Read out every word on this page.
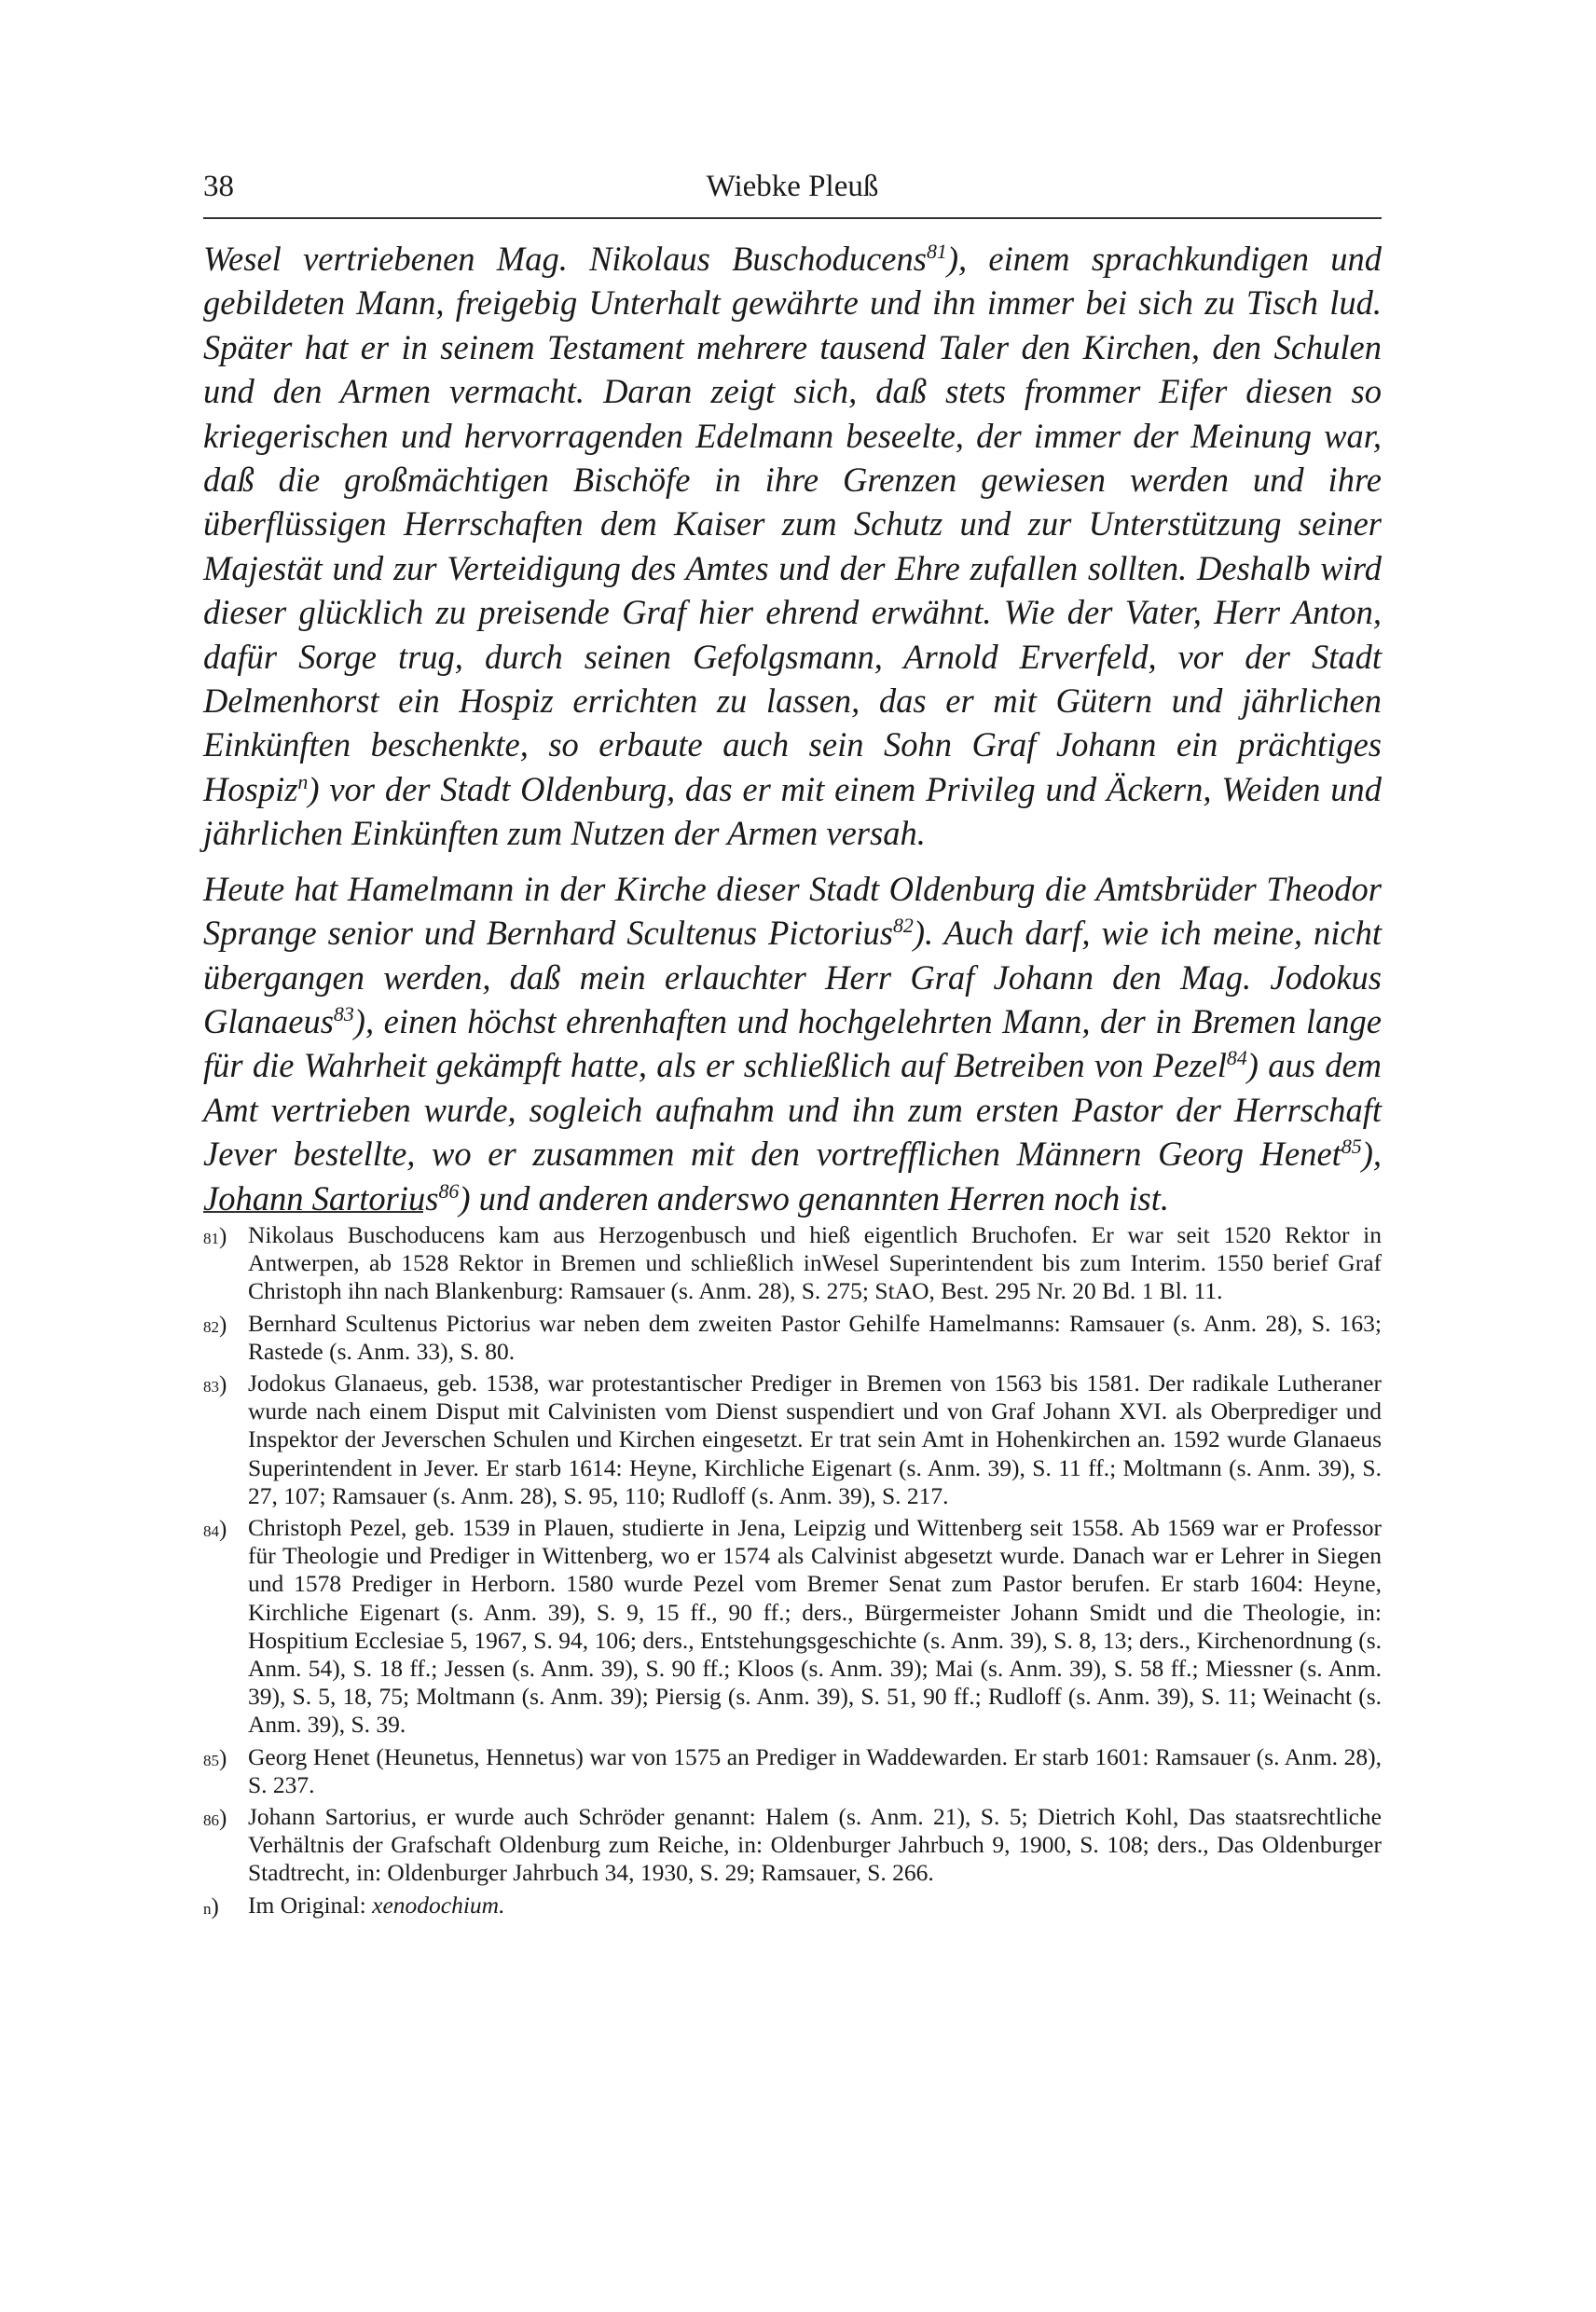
38	Wiebke Pleuß

Wesel vertriebenen Mag. Nikolaus Buschoducens$^{81}$), einem sprachkundigen und gebildeten Mann, freigebig Unterhalt gewährte und ihn immer bei sich zu Tisch lud. Später hat er in seinem Testament mehrere tausend Taler den Kirchen, den Schulen und den Armen vermacht. Daran zeigt sich, daß stets frommer Eifer diesen so kriegerischen und hervorragenden Edelmann beseelte, der immer der Meinung war, daß die großmächtigen Bischöfe in ihre Grenzen gewiesen werden und ihre überflüssigen Herrschaften dem Kaiser zum Schutz und zur Unterstützung seiner Majestät und zur Verteidigung des Amtes und der Ehre zufallen sollten. Deshalb wird dieser glücklich zu preisende Graf hier ehrend erwähnt. Wie der Vater, Herr Anton, dafür Sorge trug, durch seinen Gefolgsmann, Arnold Erverfeld, vor der Stadt Delmenhorst ein Hospiz errichten zu lassen, das er mit Gütern und jährlichen Einkünften beschenkte, so erbaute auch sein Sohn Graf Johann ein prächtiges Hospiz$^n$) vor der Stadt Oldenburg, das er mit einem Privileg und Äckern, Weiden und jährlichen Einkünften zum Nutzen der Armen versah.

Heute hat Hamelmann in der Kirche dieser Stadt Oldenburg die Amtsbrüder Theodor Sprange senior und Bernhard Scultenus Pictorius$^{82}$). Auch darf, wie ich meine, nicht übergangen werden, daß mein erlauchter Herr Graf Johann den Mag. Jodokus Glanaeus$^{83}$), einen höchst ehrenhaften und hochgelehrten Mann, der in Bremen lange für die Wahrheit gekämpft hatte, als er schließlich auf Betreiben von Pezel$^{84}$) aus dem Amt vertrieben wurde, sogleich aufnahm und ihn zum ersten Pastor der Herrschaft Jever bestellte, wo er zusammen mit den vortrefflichen Männern Georg Henet$^{85}$), Johann Sartorius$^{86}$) und anderen anderswo genannten Herren noch ist.

81) Nikolaus Buschoducens kam aus Herzogenbusch und hieß eigentlich Bruchofen. Er war seit 1520 Rektor in Antwerpen, ab 1528 Rektor in Bremen und schließlich inWesel Superintendent bis zum Interim. 1550 berief Graf Christoph ihn nach Blankenburg: Ramsauer (s. Anm. 28), S. 275; StAO, Best. 295 Nr. 20 Bd. 1 Bl. 11.
82) Bernhard Scultenus Pictorius war neben dem zweiten Pastor Gehilfe Hamelmanns: Ramsauer (s. Anm. 28), S. 163; Rastede (s. Anm. 33), S. 80.
83) Jodokus Glanaeus, geb. 1538, war protestantischer Prediger in Bremen von 1563 bis 1581. Der radikale Lutheraner wurde nach einem Disput mit Calvinisten vom Dienst suspendiert und von Graf Johann XVI. als Oberprediger und Inspektor der Jeverschen Schulen und Kirchen eingesetzt. Er trat sein Amt in Hohenkirchen an. 1592 wurde Glanaeus Superintendent in Jever. Er starb 1614: Heyne, Kirchliche Eigenart (s. Anm. 39), S. 11 ff.; Moltmann (s. Anm. 39), S. 27, 107; Ramsauer (s. Anm. 28), S. 95, 110; Rudloff (s. Anm. 39), S. 217.
84) Christoph Pezel, geb. 1539 in Plauen, studierte in Jena, Leipzig und Wittenberg seit 1558. Ab 1569 war er Professor für Theologie und Prediger in Wittenberg, wo er 1574 als Calvinist abgesetzt wurde. Danach war er Lehrer in Siegen und 1578 Prediger in Herborn. 1580 wurde Pezel vom Bremer Senat zum Pastor berufen. Er starb 1604: Heyne, Kirchliche Eigenart (s. Anm. 39), S. 9, 15 ff., 90 ff.; ders., Bürgermeister Johann Smidt und die Theologie, in: Hospitium Ecclesiae 5, 1967, S. 94, 106; ders., Entstehungsgeschichte (s. Anm. 39), S. 8, 13; ders., Kirchenordnung (s. Anm. 54), S. 18 ff.; Jessen (s. Anm. 39), S. 90 ff.; Kloos (s. Anm. 39); Mai (s. Anm. 39), S. 58 ff.; Miessner (s. Anm. 39), S. 5, 18, 75; Moltmann (s. Anm. 39); Piersig (s. Anm. 39), S. 51, 90 ff.; Rudloff (s. Anm. 39), S. 11; Weinacht (s. Anm. 39), S. 39.
85) Georg Henet (Heunetus, Hennetus) war von 1575 an Prediger in Waddewarden. Er starb 1601: Ramsauer (s. Anm. 28), S. 237.
86) Johann Sartorius, er wurde auch Schröder genannt: Halem (s. Anm. 21), S. 5; Dietrich Kohl, Das staatsrechtliche Verhältnis der Grafschaft Oldenburg zum Reiche, in: Oldenburger Jahrbuch 9, 1900, S. 108; ders., Das Oldenburger Stadtrecht, in: Oldenburger Jahrbuch 34, 1930, S. 29; Ramsauer, S. 266.
n)	Im Original: xenodochium.
